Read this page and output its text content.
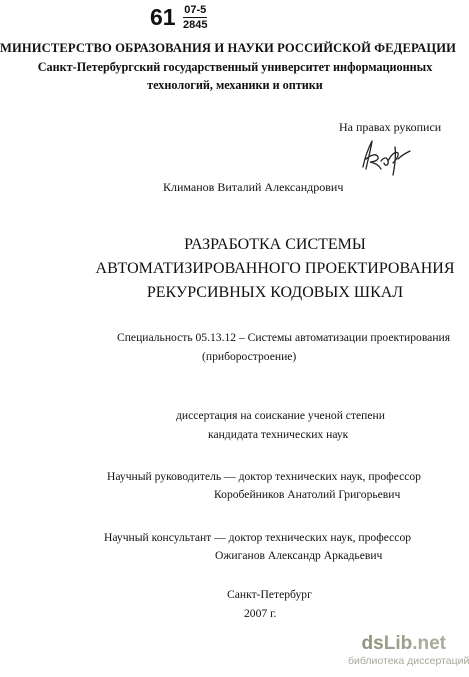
$61 \frac{07-5}{2845}$
МИНИСТЕРСТВО ОБРАЗОВАНИЯ И НАУКИ РОССИЙСКОЙ ФЕДЕРАЦИИ
Санкт-Петербургский государственный университет информационных
технологий, механики и оптики
На правах рукописи
Климанов Виталий Александрович
РАЗРАБОТКА СИСТЕМЫ
АВТОМАТИЗИРОВАННОГО ПРОЕКТИРОВАНИЯ
РЕКУРСИВНЫХ КОДОВЫХ ШКАЛ
Специальность 05.13.12 – Системы автоматизации проектирования
(приборостроение)
диссертация на соискание ученой степени
кандидата технических наук
Научный руководитель — доктор технических наук, профессор
Коробейников Анатолий Григорьевич
Научный консультант — доктор технических наук, профессор
Ожиганов Александр Аркадьевич
Санкт-Петербург
2007 г.
dsLib.net
библиотека диссертаций
